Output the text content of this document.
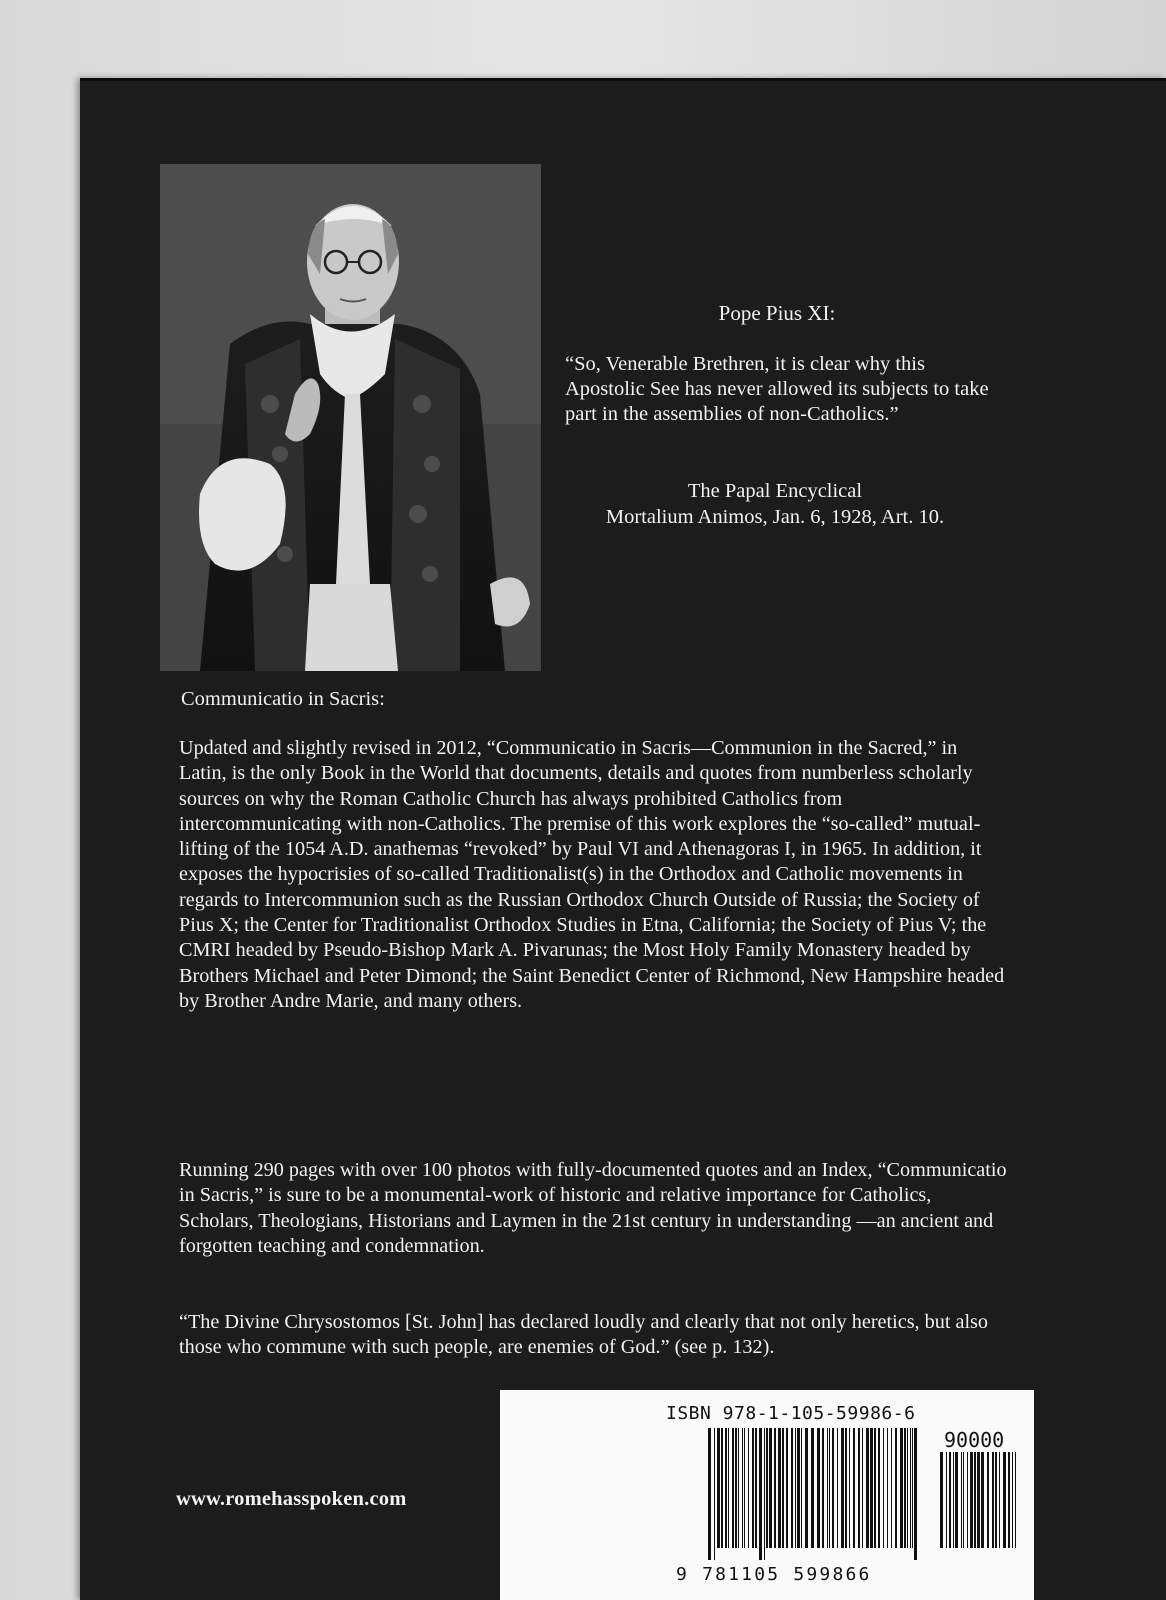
Pope Pius XI:
“So, Venerable Brethren, it is clear why this Apostolic See has never allowed its subjects to take part in the assemblies of non-Catholics.”
The Papal Encyclical
Mortalium Animos, Jan. 6, 1928, Art. 10.
Communicatio in Sacris:
Updated and slightly revised in 2012, “Communicatio in Sacris—Communion in the Sacred,” in Latin, is the only Book in the World that documents, details and quotes from numberless scholarly sources on why the Roman Catholic Church has always prohibited Catholics from intercommunicating with non-Catholics. The premise of this work explores the “so-called” mutual-lifting of the 1054 A.D. anathemas “revoked” by Paul VI and Athenagoras I, in 1965. In addition, it exposes the hypocrisies of so-called Traditionalist(s) in the Orthodox and Catholic movements in regards to Intercommunion such as the Russian Orthodox Church Outside of Russia; the Society of Pius X; the Center for Traditionalist Orthodox Studies in Etna, California; the Society of Pius V; the CMRI headed by Pseudo-Bishop Mark A. Pivarunas; the Most Holy Family Monastery headed by Brothers Michael and Peter Dimond; the Saint Benedict Center of Richmond, New Hampshire headed by Brother Andre Marie, and many others.
Running 290 pages with over 100 photos with fully-documented quotes and an Index, “Communicatio in Sacris,” is sure to be a monumental-work of historic and relative importance for Catholics, Scholars, Theologians, Historians and Laymen in the 21st century in understanding —an ancient and forgotten teaching and condemnation.
“The Divine Chrysostomos [St. John] has declared loudly and clearly that not only heretics, but also those who commune with such people, are enemies of God.” (see p. 132).
www.romehasspoken.com
ISBN 978-1-105-59986-6
90000
9 781105 599866
